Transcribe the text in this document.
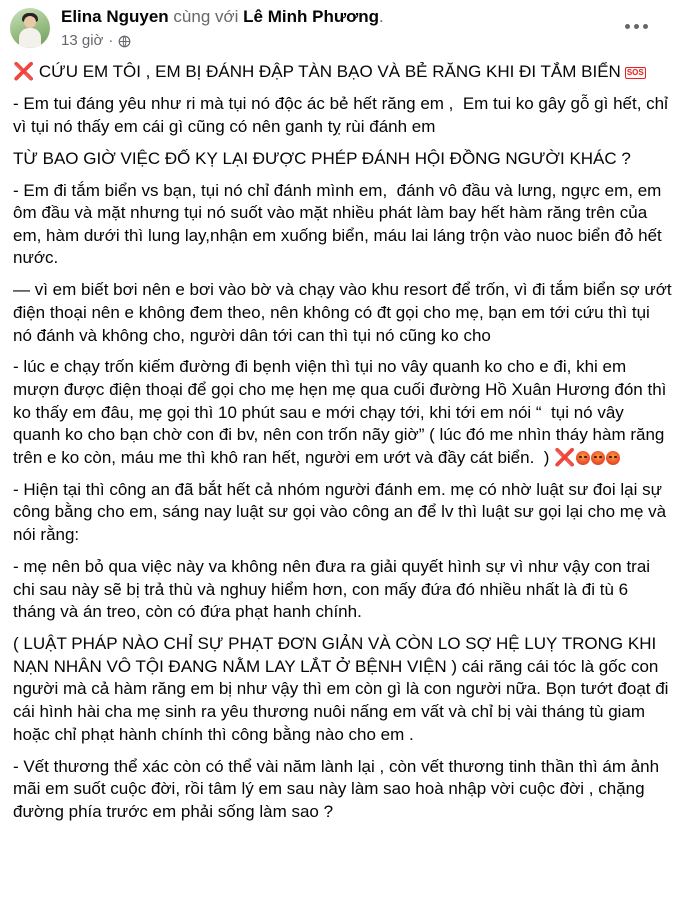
Elina Nguyen cùng với Lê Minh Phương.
13 giờ ·
❌ CỨU EM TÔI , EM BỊ ĐÁNH ĐẬP TÀN BẠO VÀ BẺ RĂNG KHI ĐI TẮM BIỂN SOS
- Em tui đáng yêu như ri mà tụi nó độc ác bẻ hết răng em ,  Em tui ko gây gỗ gì hết, chỉ vì tụi nó thấy em cái gì cũng có nên ganh tỵ rùi đánh em
TỪ BAO GIỜ VIỆC ĐỐ KỴ LẠI ĐƯỢC PHÉP ĐÁNH HỘI ĐỒNG NGƯỜI KHÁC ?
- Em đi tắm biển vs bạn, tụi nó chỉ đánh mình em,  đánh vô đầu và lưng, ngực em, em ôm đầu và mặt nhưng tụi nó suốt vào mặt nhiều phát làm bay hết hàm răng trên của em, hàm dưới thì lung lay,nhận em xuống biển, máu lai láng trộn vào nuoc biển đỏ hết nước.
— vì em biết bơi nên e bơi vào bờ và chạy vào khu resort để trốn, vì đi tắm biển sợ ướt điện thoại nên e không đem theo, nên không có đt gọi cho mẹ, bạn em tới cứu thì tụi nó đánh và không cho, người dân tới can thì tụi nó cũng ko cho
- lúc e chạy trốn kiếm đường đi bẹnh viện thì tụi no vây quanh ko cho e đi, khi em mượn được điện thoại để gọi cho mẹ hẹn mẹ qua cuối đường Hồ Xuân Hương đón thì ko thấy em đâu, mẹ gọi thì 10 phút sau e mới chạy tới, khi tới em nói “  tụi nó vây quanh ko cho bạn chờ con đi bv, nên con trốn nãy giờ” ( lúc đó me nhìn tháy hàm răng trên e ko còn, máu me thì khô ran hết, người em ướt và đầy cát biển.  ) ❌
- Hiện tại thì công an đã bắt hết cả nhóm người đánh em. mẹ có nhờ luật sư đoi lại sự công bằng cho em, sáng nay luật sư gọi vào công an để lv thì luật sư gọi lại cho mẹ và nói rằng:
- mẹ nên bỏ qua việc này va không nên đưa ra giải quyết hình sự vì như vậy con trai chi sau này sẽ bị trả thù và nghuy hiểm hơn, con mấy đứa đó nhiều nhất là đi tù 6 tháng và án treo, còn có đứa phạt hanh chính.
( LUẬT PHÁP NÀO CHỈ SỰ PHẠT ĐƠN GIẢN VÀ CÒN LO SỢ HỆ LUỴ TRONG KHI NẠN NHÂN VÔ TỘI ĐANG NẰM LAY LẮT Ở BỆNH VIỆN ) cái răng cái tóc là gốc con người mà cả hàm răng em bị như vậy thì em còn gì là con người nữa. Bọn tướt đoạt đi cái hình hài cha mẹ sinh ra yêu thương nuôi nấng em vất và chỉ bị vài tháng tù giam hoặc chỉ phạt hành chính thì công bằng nào cho em .
- Vết thương thể xác còn có thể vài năm lành lại , còn vết thương tinh thần thì ám ảnh mãi em suốt cuộc đời, rồi tâm lý em sau này làm sao hoà nhập vời cuộc đời , chặng đường phía trước em phải sống làm sao ?
